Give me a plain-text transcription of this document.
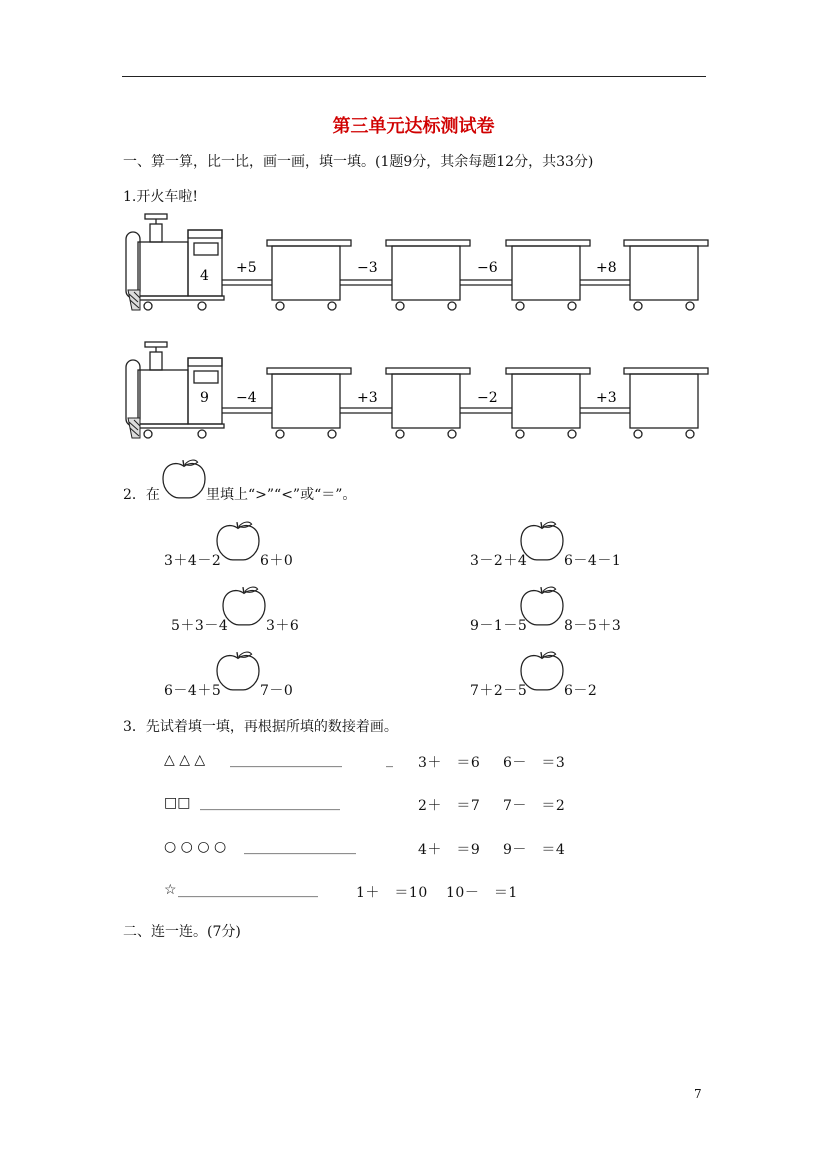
第三单元达标测试卷
一、算一算，比一比，画一画，填一填。(1题9分，其余每题12分，共33分)
1.开火车啦!
4 +5	−3	−6	+8
9 −4	+3	−2	+3
2．在	里填上“>”“<”或“＝”。
3＋4－2	6＋0	3－2＋4	6－4－1
5＋3－4	3＋6	9－1－5	8－5＋3
6－4＋5	7－0	7＋2－5	6－2
3．先试着填一填，再根据所填的数接着画。
△ △ △ ________________	_ 3＋　＝6 6－　＝3
□□ ____________________	2＋　＝7 7－　＝2
○ ○ ○ ○ ________________	4＋　＝9 9－　＝4
☆ ____________________	1＋　＝10 10－　＝1
二、连一连。(7分)
7
